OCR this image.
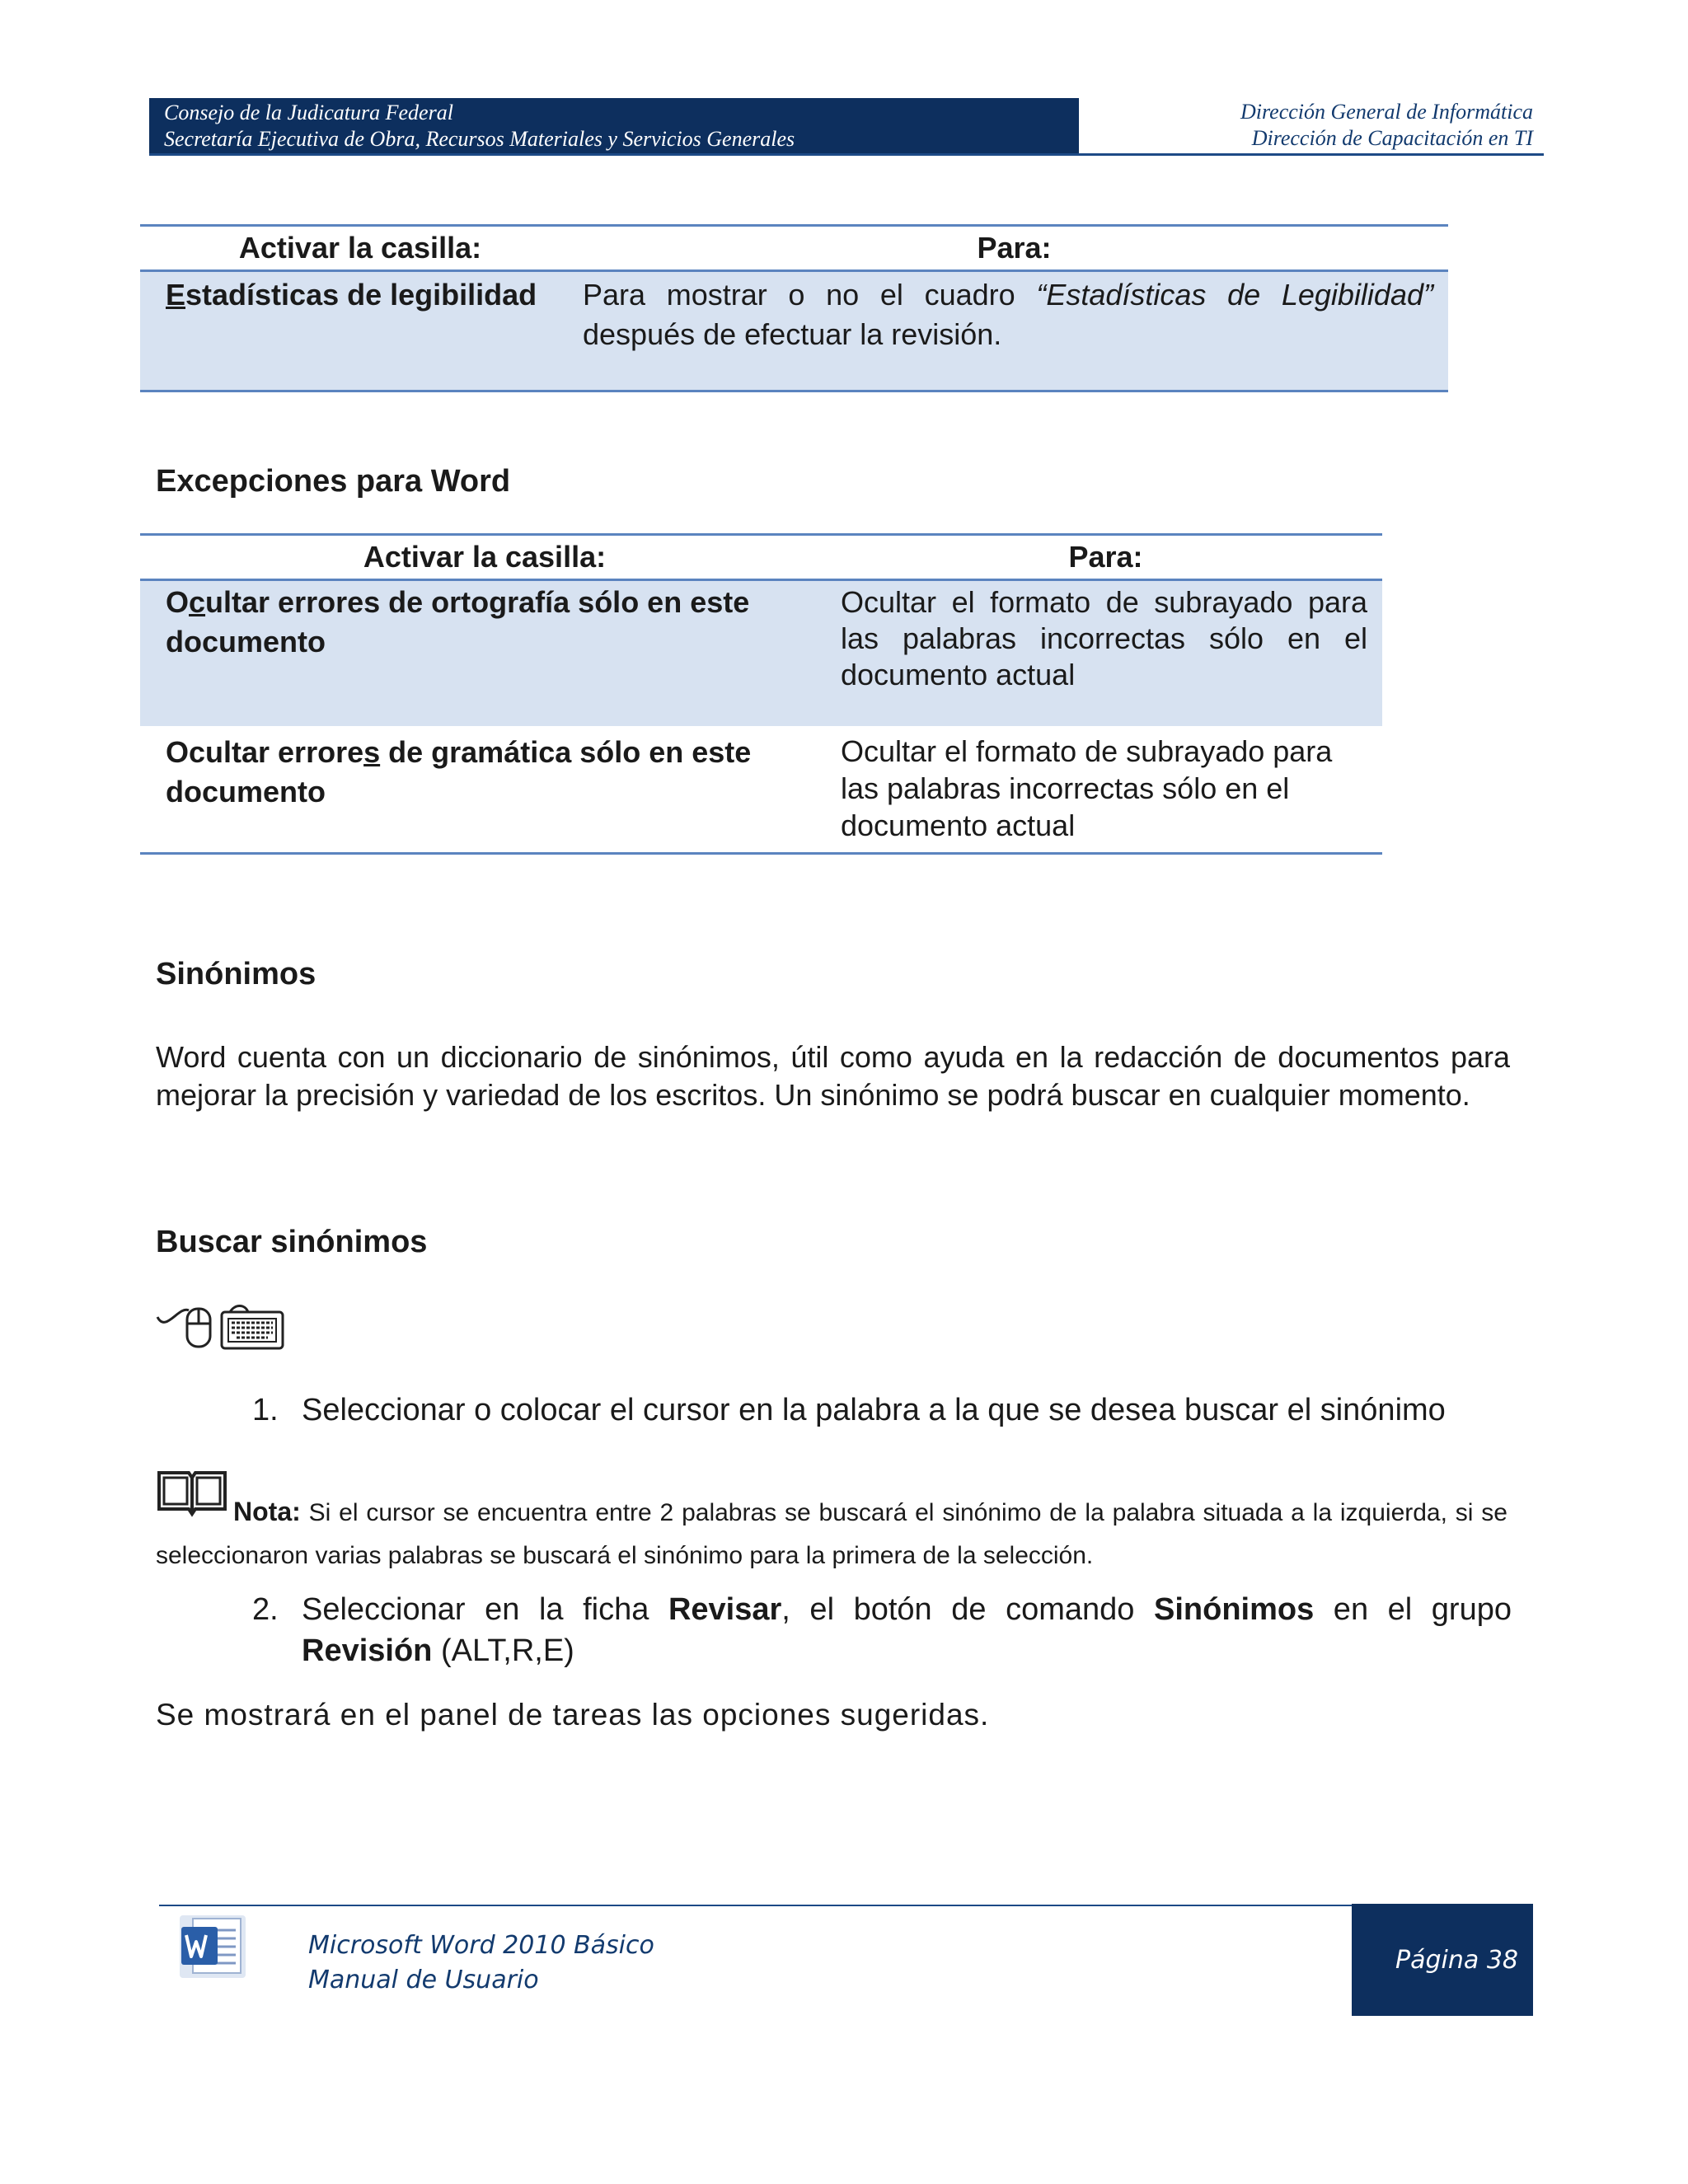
Consejo de la Judicatura Federal
Secretaría Ejecutiva de Obra, Recursos Materiales y Servicios Generales
Dirección General de Informática
Dirección de Capacitación en TI
Activar la casilla:	Para:
Estadísticas de legibilidad	Para mostrar o no el cuadro “Estadísticas de Legibilidad” después de efectuar la revisión.
Excepciones para Word
Activar la casilla:	Para:
Ocultar errores de ortografía sólo en este documento	Ocultar el formato de subrayado para las palabras incorrectas sólo en el documento actual
Ocultar errores de gramática sólo en este documento	Ocultar el formato de subrayado para las palabras incorrectas sólo en el documento actual
Sinónimos

Word cuenta con un diccionario de sinónimos, útil como ayuda en la redacción de documentos para mejorar la precisión y variedad de los escritos. Un sinónimo se podrá buscar en cualquier momento.

Buscar sinónimos
1. Seleccionar o colocar el cursor en la palabra a la que se desea buscar el sinónimo

Nota: Si el cursor se encuentra entre 2 palabras se buscará el sinónimo de la palabra situada a la izquierda, si se seleccionaron varias palabras se buscará el sinónimo para la primera de la selección.

2. Seleccionar en la ficha Revisar, el botón de comando Sinónimos en el grupo Revisión (ALT,R,E)

Se mostrará en el panel de tareas las opciones sugeridas.

Microsoft Word 2010 Básico
Manual de Usuario
Página 38
